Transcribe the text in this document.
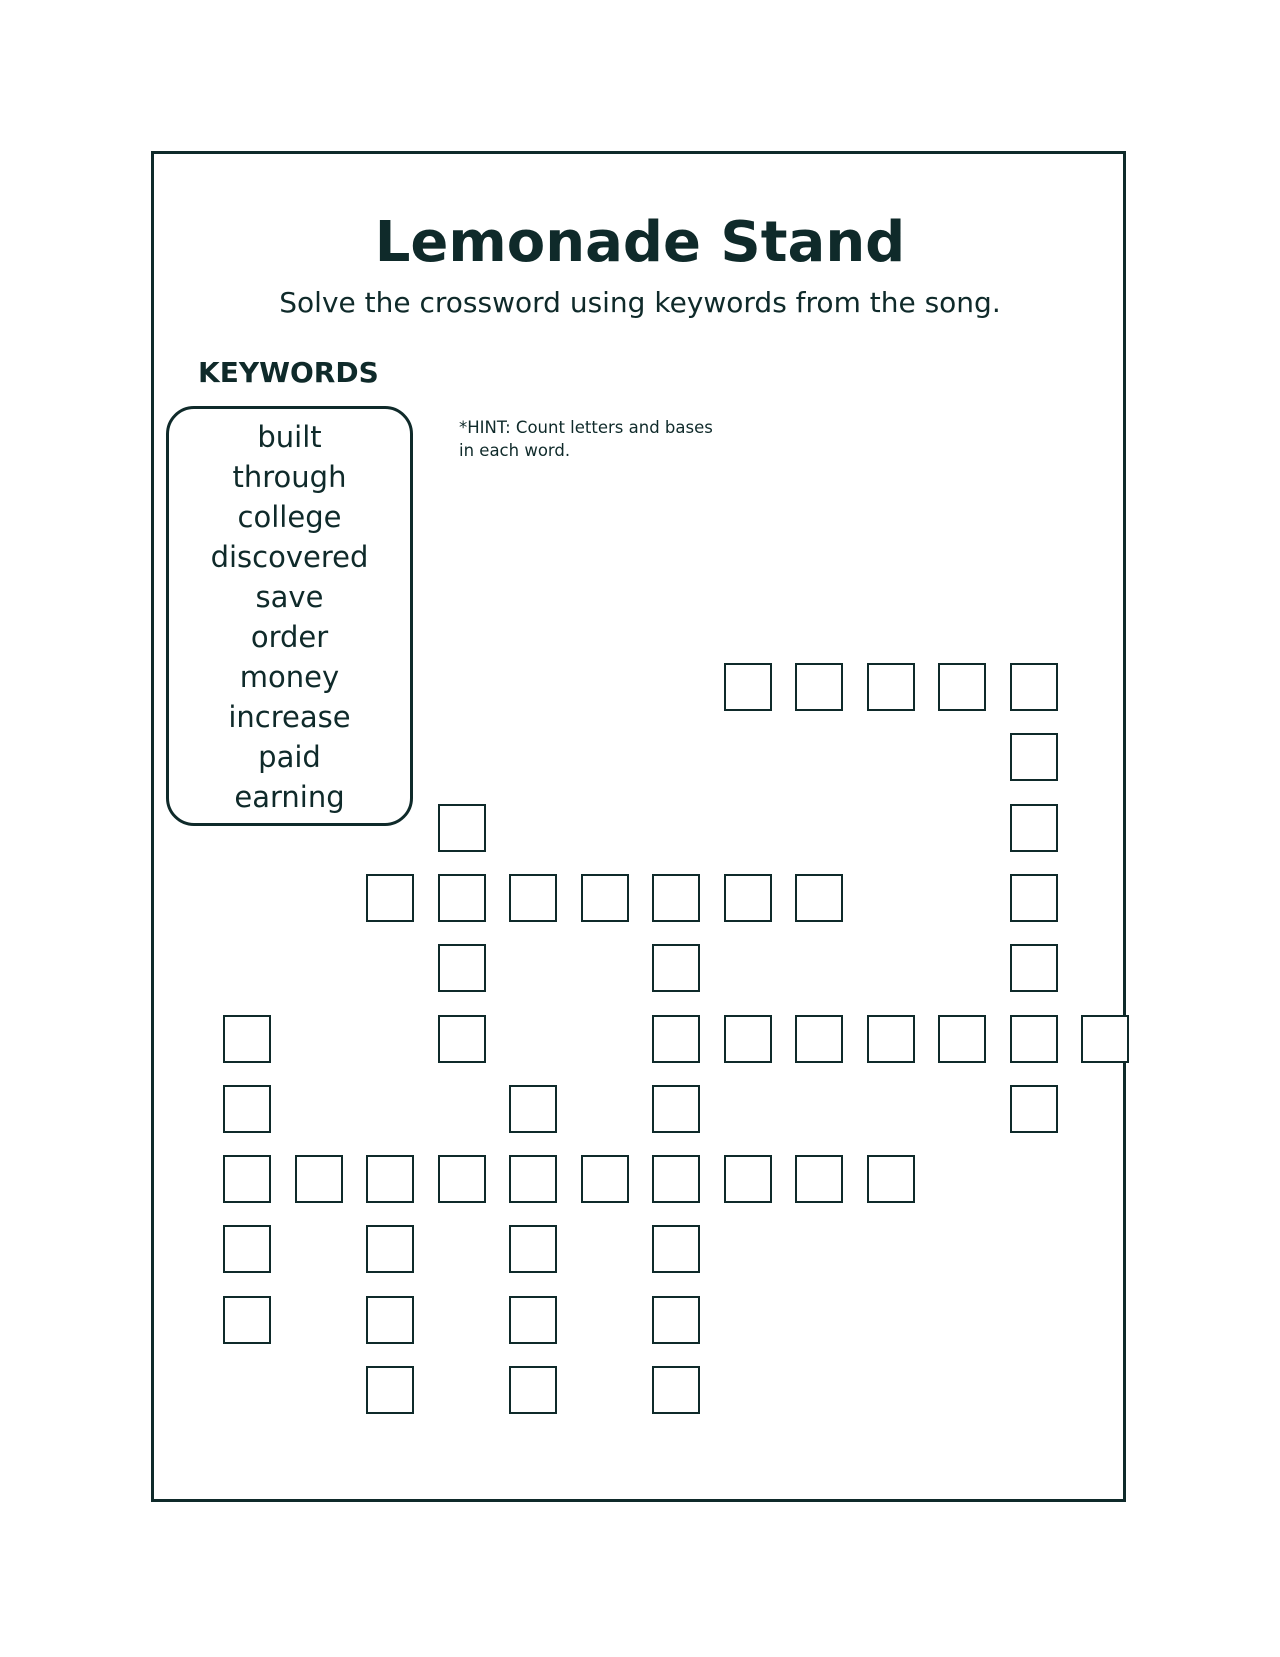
Lemonade Stand
Solve the crossword using keywords from the song.
KEYWORDS
built
through
college
discovered
save
order
money
increase
paid
earning
*HINT: Count letters and bases in each word.
